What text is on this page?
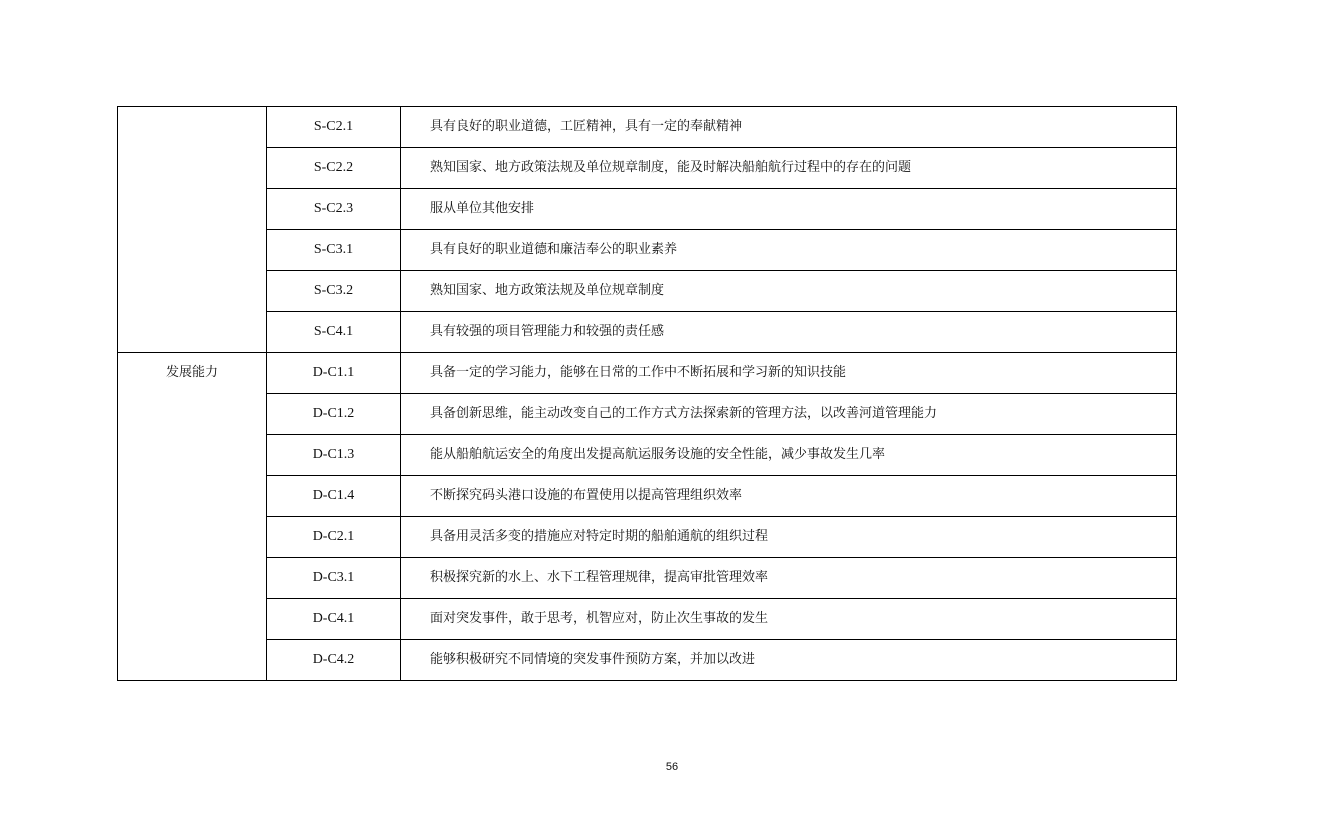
	S-C2.1	具有良好的职业道德，工匠精神，具有一定的奉献精神
	S-C2.2	熟知国家、地方政策法规及单位规章制度，能及时解决船舶航行过程中的存在的问题
	S-C2.3	服从单位其他安排
	S-C3.1	具有良好的职业道德和廉洁奉公的职业素养
	S-C3.2	熟知国家、地方政策法规及单位规章制度
	S-C4.1	具有较强的项目管理能力和较强的责任感

发展能力	D-C1.1	具备一定的学习能力，能够在日常的工作中不断拓展和学习新的知识技能
	D-C1.2	具备创新思维，能主动改变自己的工作方式方法探索新的管理方法，以改善河道管理能力
	D-C1.3	能从船舶航运安全的角度出发提高航运服务设施的安全性能，减少事故发生几率
	D-C1.4	不断探究码头港口设施的布置使用以提高管理组织效率
	D-C2.1	具备用灵活多变的措施应对特定时期的船舶通航的组织过程
	D-C3.1	积极探究新的水上、水下工程管理规律，提高审批管理效率
	D-C4.1	面对突发事件，敢于思考，机智应对，防止次生事故的发生
	D-C4.2	能够积极研究不同情境的突发事件预防方案，并加以改进
56
